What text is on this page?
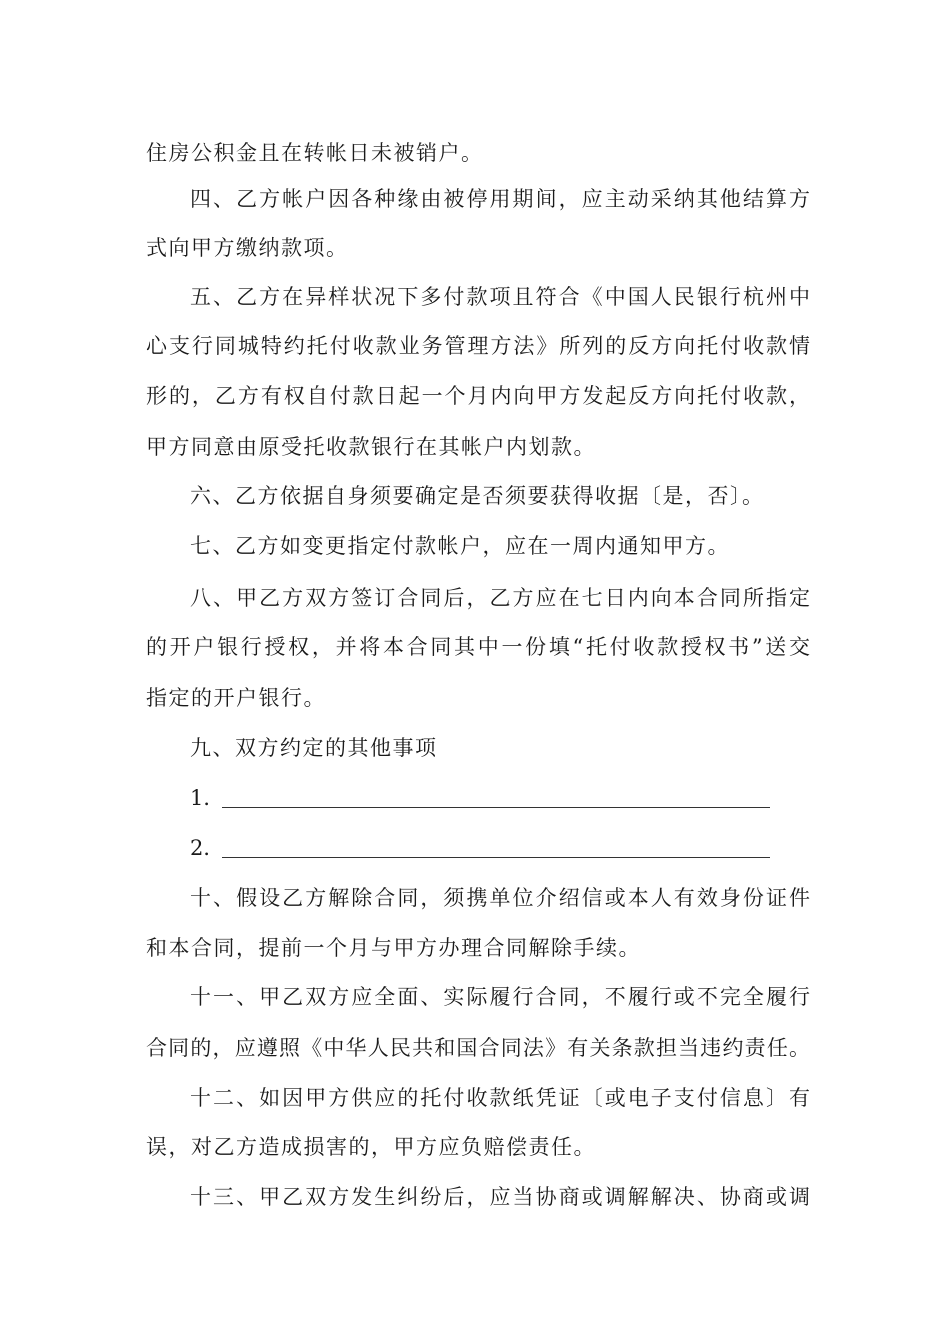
住房公积金且在转帐日未被销户。
四、乙方帐户因各种缘由被停用期间，应主动采纳其他结算方
式向甲方缴纳款项。
五、乙方在异样状况下多付款项且符合《中国人民银行杭州中
心支行同城特约托付收款业务管理方法》所列的反方向托付收款情
形的，乙方有权自付款日起一个月内向甲方发起反方向托付收款，
甲方同意由原受托收款银行在其帐户内划款。
六、乙方依据自身须要确定是否须要获得收据〔是，否〕。
七、乙方如变更指定付款帐户，应在一周内通知甲方。
八、甲乙方双方签订合同后，乙方应在七日内向本合同所指定
的开户银行授权，并将本合同其中一份填“托付收款授权书”送交
指定的开户银行。
九、双方约定的其他事项
1．
2．
十、假设乙方解除合同，须携单位介绍信或本人有效身份证件
和本合同，提前一个月与甲方办理合同解除手续。
十一、甲乙双方应全面、实际履行合同，不履行或不完全履行
合同的，应遵照《中华人民共和国合同法》有关条款担当违约责任。
十二、如因甲方供应的托付收款纸凭证〔或电子支付信息〕有
误，对乙方造成损害的，甲方应负赔偿责任。
十三、甲乙双方发生纠纷后，应当协商或调解解决、协商或调
